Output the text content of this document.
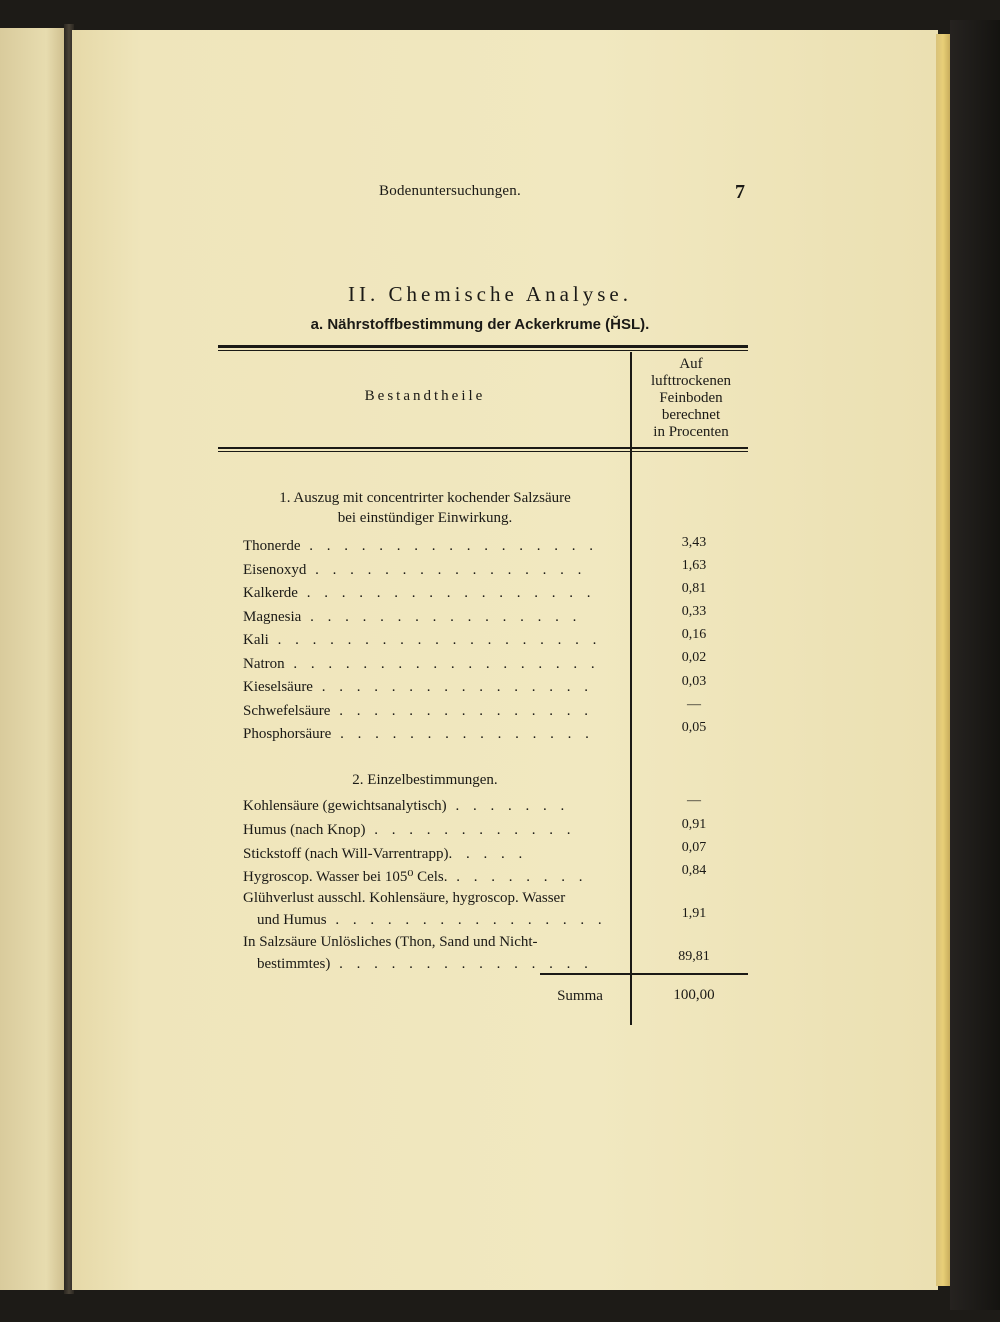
Bodenuntersuchungen.	7
II. Chemische Analyse.
a. Nährstoffbestimmung der Ackerkrume (ȞSL).
Bestandtheile
Auf
lufttrockenen
Feinboden
berechnet
in Procenten
1. Auszug mit concentrirter kochender Salzsäure
bei einstündiger Einwirkung.
Thonerde . . . . . . . . . . . . . . . . .	3,43
Eisenoxyd . . . . . . . . . . . . . . . .	1,63
Kalkerde . . . . . . . . . . . . . . . . .	0,81
Magnesia . . . . . . . . . . . . . . . .	0,33
Kali . . . . . . . . . . . . . . . . . . .	0,16
Natron . . . . . . . . . . . . . . . . . .	0,02
Kieselsäure . . . . . . . . . . . . . . . .	0,03
Schwefelsäure . . . . . . . . . . . . . . .	—
Phosphorsäure . . . . . . . . . . . . . . .	0,05
2. Einzelbestimmungen.
Kohlensäure (gewichtsanalytisch) . . . . . . .	—
Humus (nach Knop) . . . . . . . . . . . .	0,91
Stickstoff (nach Will-Varrentrapp). . . . .	0,07
Hygroscop. Wasser bei 105⁰ Cels. . . . . . . . .	0,84
Glühverlust ausschl. Kohlensäure, hygroscop. Wasser
und Humus . . . . . . . . . . . . . . . .	1,91
In Salzsäure Unlösliches (Thon, Sand und Nicht-
bestimmtes) . . . . . . . . . . . . . . .	89,81
Summa	100,00
